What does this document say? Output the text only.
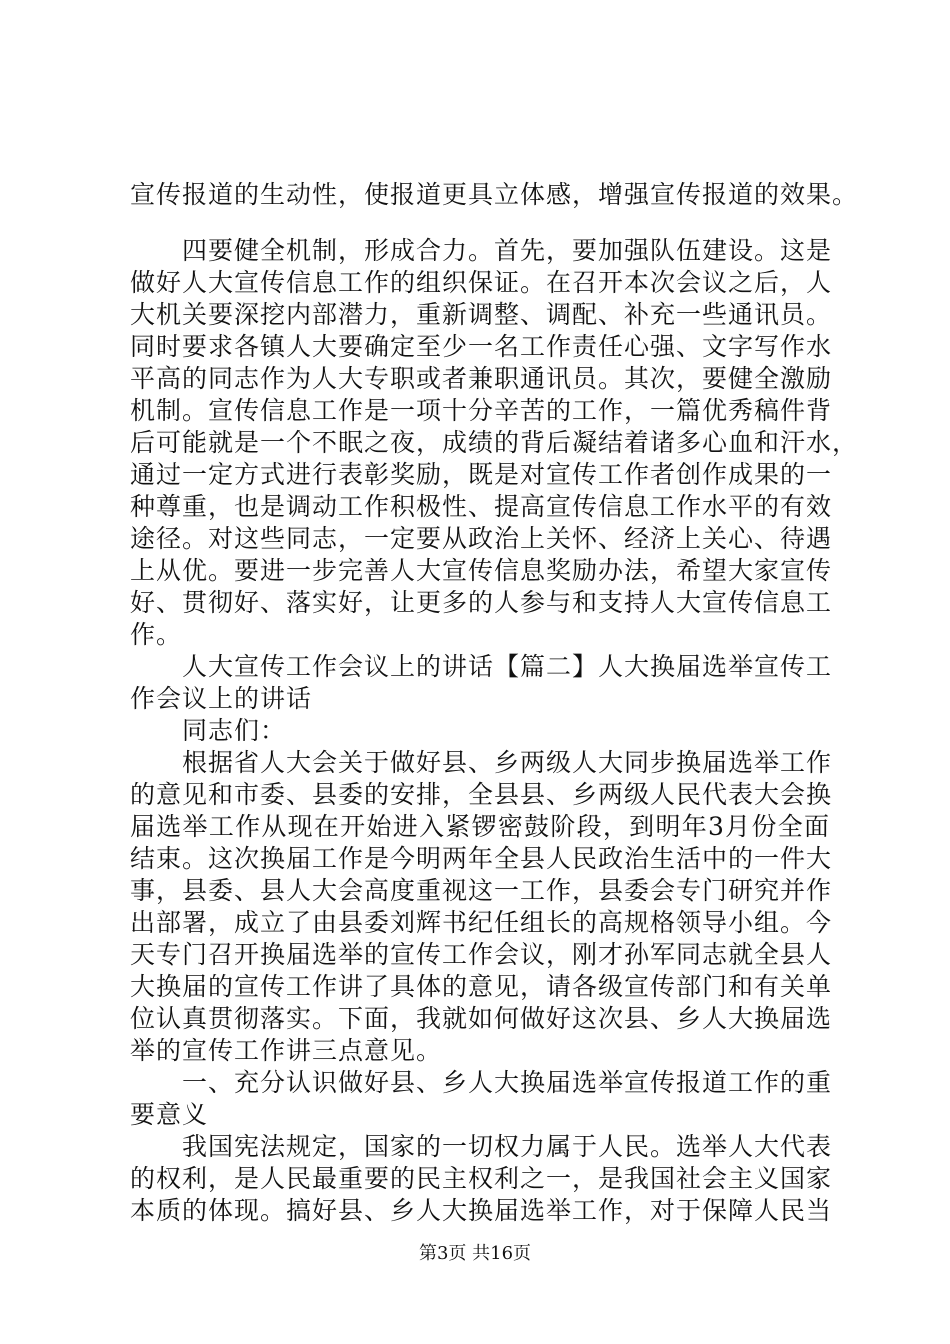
宣传报道的生动性，使报道更具立体感，增强宣传报道的效果。
　　四要健全机制，形成合力。首先，要加强队伍建设。这是
做好人大宣传信息工作的组织保证。在召开本次会议之后，人
大机关要深挖内部潜力，重新调整、调配、补充一些通讯员。
同时要求各镇人大要确定至少一名工作责任心强、文字写作水
平高的同志作为人大专职或者兼职通讯员。其次，要健全激励
机制。宣传信息工作是一项十分辛苦的工作，一篇优秀稿件背
后可能就是一个不眠之夜，成绩的背后凝结着诸多心血和汗水，
通过一定方式进行表彰奖励，既是对宣传工作者创作成果的一
种尊重，也是调动工作积极性、提高宣传信息工作水平的有效
途径。对这些同志，一定要从政治上关怀、经济上关心、待遇
上从优。要进一步完善人大宣传信息奖励办法，希望大家宣传
好、贯彻好、落实好，让更多的人参与和支持人大宣传信息工
作。
　　人大宣传工作会议上的讲话【篇二】人大换届选举宣传工
作会议上的讲话
　　同志们：
　　根据省人大会关于做好县、乡两级人大同步换届选举工作
的意见和市委、县委的安排，全县县、乡两级人民代表大会换
届选举工作从现在开始进入紧锣密鼓阶段，到明年3月份全面
结束。这次换届工作是今明两年全县人民政治生活中的一件大
事，县委、县人大会高度重视这一工作，县委会专门研究并作
出部署，成立了由县委刘辉书纪任组长的高规格领导小组。今
天专门召开换届选举的宣传工作会议，刚才孙军同志就全县人
大换届的宣传工作讲了具体的意见，请各级宣传部门和有关单
位认真贯彻落实。下面，我就如何做好这次县、乡人大换届选
举的宣传工作讲三点意见。
　　一、充分认识做好县、乡人大换届选举宣传报道工作的重
要意义
　　我国宪法规定，国家的一切权力属于人民。选举人大代表
的权利，是人民最重要的民主权利之一，是我国社会主义国家
本质的体现。搞好县、乡人大换届选举工作，对于保障人民当
第3页 共16页
